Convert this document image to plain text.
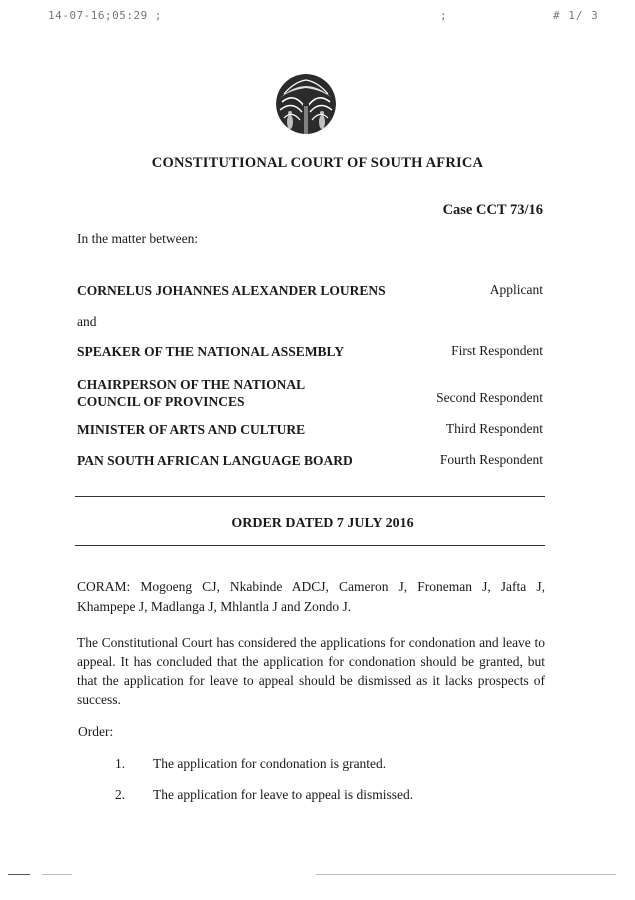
14-07-16;05:29 ;	;	# 1/ 3
CONSTITUTIONAL COURT OF SOUTH AFRICA
Case CCT 73/16
In the matter between:
CORNELUS JOHANNES ALEXANDER LOURENS	Applicant
and
SPEAKER OF THE NATIONAL ASSEMBLY	First Respondent
CHAIRPERSON OF THE NATIONAL
COUNCIL OF PROVINCES	Second Respondent
MINISTER OF ARTS AND CULTURE	Third Respondent
PAN SOUTH AFRICAN LANGUAGE BOARD	Fourth Respondent
ORDER DATED 7 JULY 2016
CORAM: Mogoeng CJ, Nkabinde ADCJ, Cameron J, Froneman J, Jafta J,
Khampepe J, Madlanga J, Mhlantla J and Zondo J.
The Constitutional Court has considered the applications for condonation and leave to
appeal. It has concluded that the application for condonation should be granted, but
that the application for leave to appeal should be dismissed as it lacks prospects of
success.
Order:
1. The application for condonation is granted.
2. The application for leave to appeal is dismissed.
